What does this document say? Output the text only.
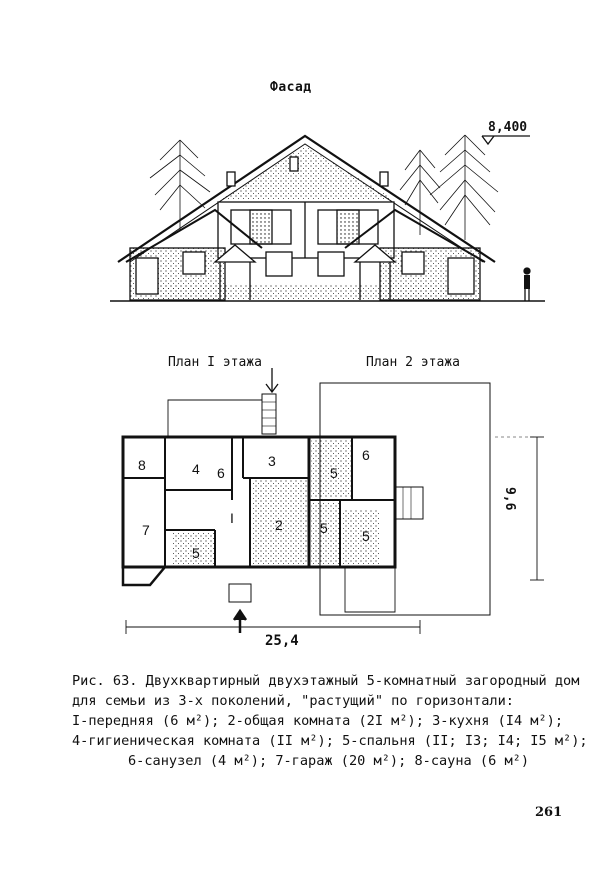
8	4 6
3
5
6
7
I	2
5
5 5
Фасад
8,400
План I этажа	План 2 этажа
25,4
9,6
Рис. 63. Двухквартирный двухэтажный 5-комнатный загородный дом
для семьи из 3-х поколений, "растущий" по горизонтали:
I-передняя (6 м²); 2-общая комната (2I м²); 3-кухня (I4 м²);
4-гигиеническая комната (II м²); 5-спальня (II; I3; I4; I5 м²);
6-санузел (4 м²); 7-гараж (20 м²); 8-сауна (6 м²)
261
